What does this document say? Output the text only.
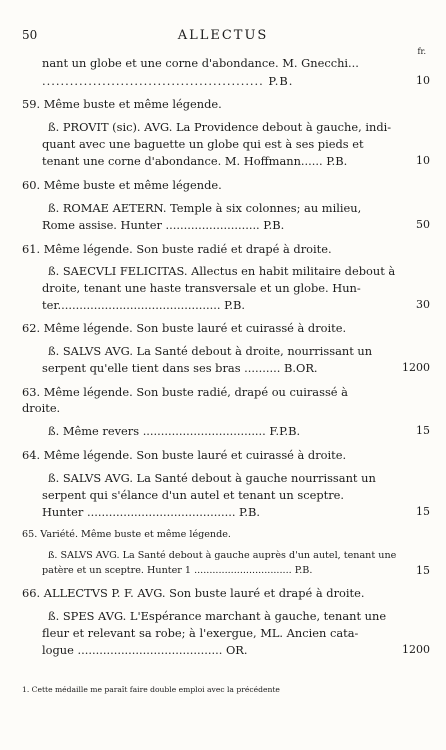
50	ALLECTUS
fr.
nant un globe et une corne d'abondance. M. Gnecchi...
................................................ P.B.	10
59. Même buste et même légende.
ß. PROVIT (sic). AVG. La Providence debout à gauche, indi-
quant avec une baguette un globe qui est à ses pieds et
tenant une corne d'abondance. M. Hoffmann...... P.B.	10
60. Même buste et même légende.
ß. ROMAE AETERN. Temple à six colonnes; au milieu,
Rome assise. Hunter .......................... P.B.	50
61. Même légende. Son buste radié et drapé à droite.
ß. SAECVLI FELICITAS. Allectus en habit militaire debout à
droite, tenant une haste transversale et un globe. Hun-
ter............................................. P.B.	30
62. Même légende. Son buste lauré et cuirassé à droite.
ß. SALVS AVG. La Santé debout à droite, nourrissant un
serpent qu'elle tient dans ses bras .......... B.OR.	1200
63. Même légende. Son buste radié, drapé ou cuirassé à
droite.
ß. Même revers .................................. F.P.B.	15
64. Même légende. Son buste lauré et cuirassé à droite.
ß. SALVS AVG. La Santé debout à gauche nourrissant un
serpent qui s'élance d'un autel et tenant un sceptre.
Hunter ......................................... P.B.	15
65. Variété. Même buste et même légende.
ß. SALVS AVG. La Santé debout à gauche auprès d'un autel, tenant une
patère et un sceptre. Hunter 1 ................................ P.B.	15
66. ALLECTVS P. F. AVG. Son buste lauré et drapé à droite.
ß. SPES AVG. L'Espérance marchant à gauche, tenant une
fleur et relevant sa robe; à l'exergue, ML. Ancien cata-
logue ........................................ OR.	1200
1. Cette médaille me paraît faire double emploi avec la précédente
